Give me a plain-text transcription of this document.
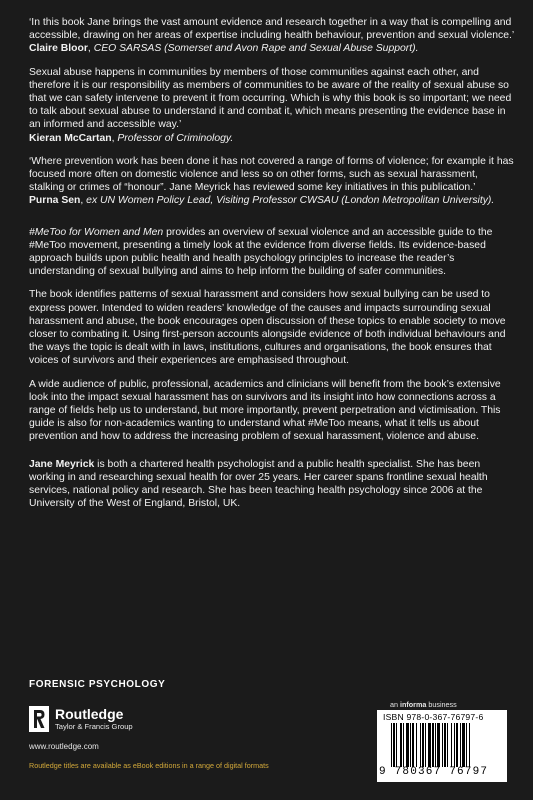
‘In this book Jane brings the vast amount evidence and research together in a way that is compelling and accessible, drawing on her areas of expertise including health behaviour, prevention and sexual violence.’

Claire Bloor, CEO SARSAS (Somerset and Avon Rape and Sexual Abuse Support).

Sexual abuse happens in communities by members of those communities against each other, and therefore it is our responsibility as members of communities to be aware of the reality of sexual abuse so that we can safety intervene to prevent it from occurring. Which is why this book is so important; we need to talk about sexual abuse to understand it and combat it, which means presenting the evidence base in an informed and accessible way.’

Kieran McCartan, Professor of Criminology.

‘Where prevention work has been done it has not covered a range of forms of violence; for example it has focused more often on domestic violence and less so on other forms, such as sexual harassment, stalking or crimes of “honour”. Jane Meyrick has reviewed some key initiatives in this publication.’

Purna Sen, ex UN Women Policy Lead, Visiting Professor CWSAU (London Metropolitan University).

#MeToo for Women and Men provides an overview of sexual violence and an accessible guide to the #MeToo movement, presenting a timely look at the evidence from diverse fields. Its evidence-based approach builds upon public health and health psychology principles to increase the reader’s understanding of sexual bullying and aims to help inform the building of safer communities.

The book identifies patterns of sexual harassment and considers how sexual bullying can be used to express power. Intended to widen readers’ knowledge of the causes and impacts surrounding sexual harassment and abuse, the book encourages open discussion of these topics to enable society to move closer to combating it. Using first-person accounts alongside evidence of both individual behaviours and the ways the topic is dealt with in laws, institutions, cultures and organisations, the book ensures that voices of survivors and their experiences are emphasised throughout.

A wide audience of public, professional, academics and clinicians will benefit from the book’s extensive look into the impact sexual harassment has on survivors and its insight into how connections across a range of fields help us to understand, but more importantly, prevent perpetration and victimisation. This guide is also for non-academics wanting to understand what #MeToo means, what it tells us about prevention and how to address the increasing problem of sexual harassment, violence and abuse.

Jane Meyrick is both a chartered health psychologist and a public health specialist. She has been working in and researching sexual health for over 25 years. Her career spans frontline sexual health services, national policy and research. She has been teaching health psychology since 2006 at the University of the West of England, Bristol, UK.

FORENSIC PSYCHOLOGY
Routledge
Taylor & Francis Group
www.routledge.com
Routledge titles are available as eBook editions in a range of digital formats
an informa business
ISBN 978-0-367-76797-6
9 780367 76797
